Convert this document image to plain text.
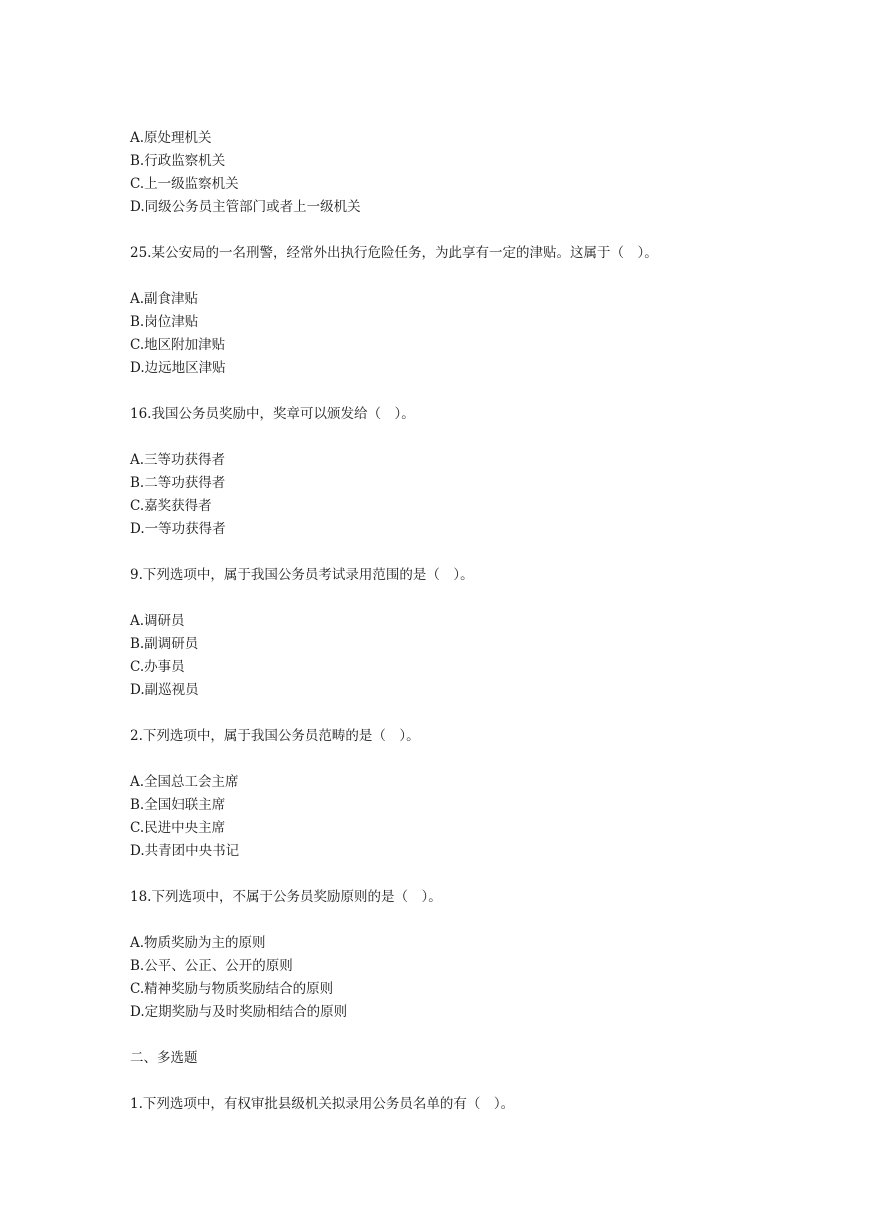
A.原处理机关
B.行政监察机关
C.上一级监察机关
D.同级公务员主管部门或者上一级机关
25.某公安局的一名刑警，经常外出执行危险任务，为此享有一定的津贴。这属于（　）。
A.副食津贴
B.岗位津贴
C.地区附加津贴
D.边远地区津贴
16.我国公务员奖励中，奖章可以颁发给（　）。
A.三等功获得者
B.二等功获得者
C.嘉奖获得者
D.一等功获得者
9.下列选项中，属于我国公务员考试录用范围的是（　）。
A.调研员
B.副调研员
C.办事员
D.副巡视员
2.下列选项中，属于我国公务员范畴的是（　）。
A.全国总工会主席
B.全国妇联主席
C.民进中央主席
D.共青团中央书记
18.下列选项中，不属于公务员奖励原则的是（　）。
A.物质奖励为主的原则
B.公平、公正、公开的原则
C.精神奖励与物质奖励结合的原则
D.定期奖励与及时奖励相结合的原则
二、多选题
1.下列选项中，有权审批县级机关拟录用公务员名单的有（　）。
